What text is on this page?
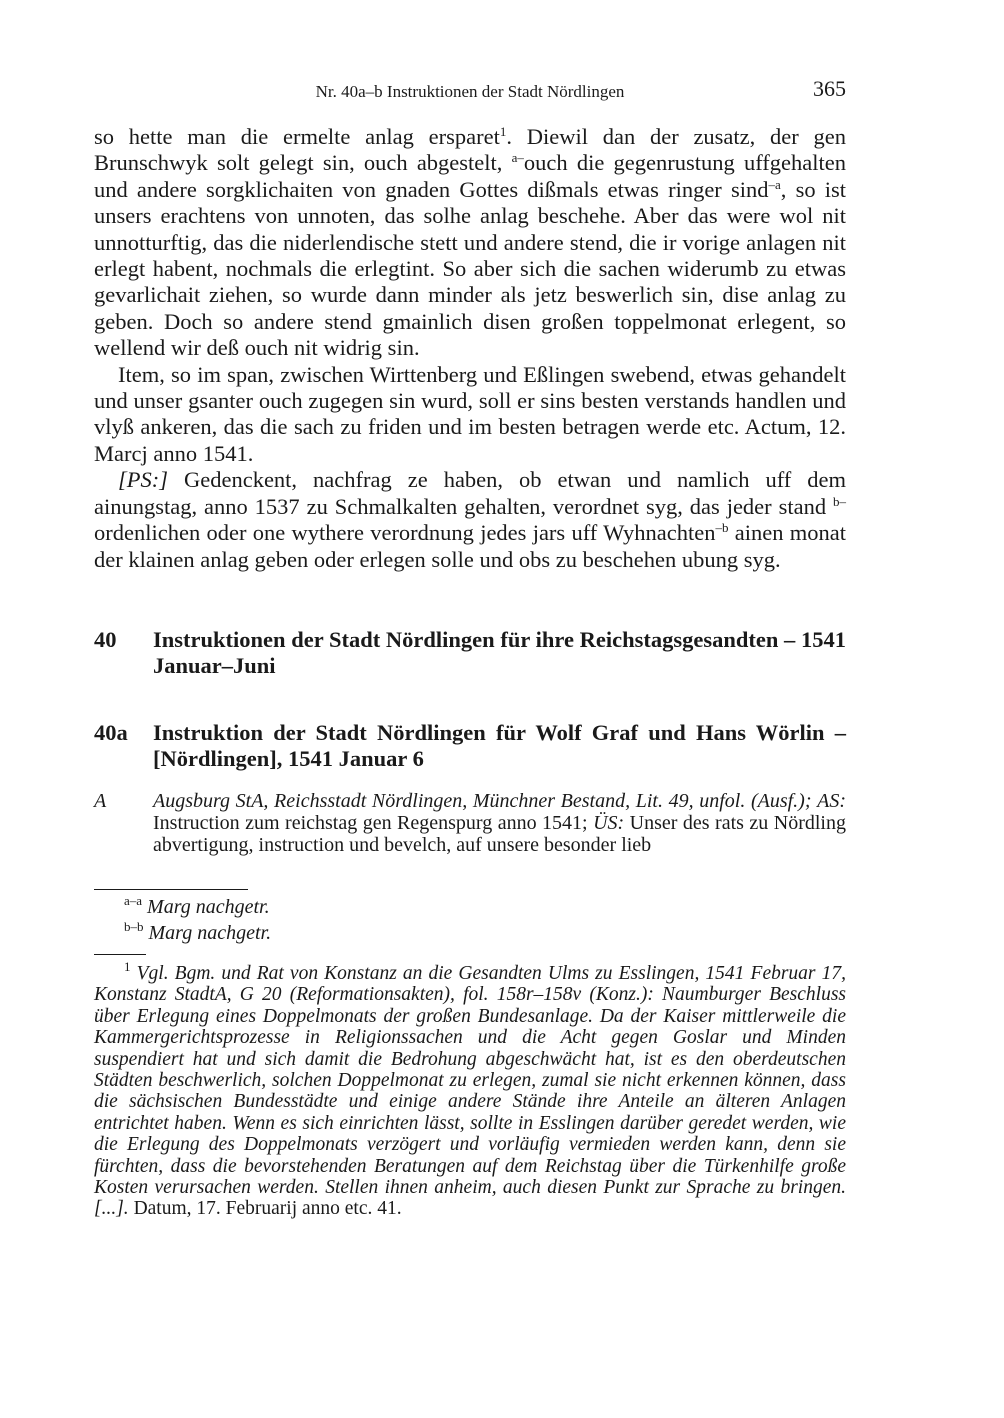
Nr. 40a–b Instruktionen der Stadt Nördlingen	365

so hette man die ermelte anlag ersparet$^1$. Diewil dan der zusatz, der gen Brunschwyk solt gelegt sin, ouch abgestelt, $^{a-}$ouch die gegenrustung uffgehalten und andere sorgklichaiten von gnaden Gottes dißmals etwas ringer sind$^{-a}$, so ist unsers erachtens von unnoten, das solhe anlag beschehe. Aber das were wol nit unnotturftig, das die niderlendische stett und andere stend, die ir vorige anlagen nit erlegt habent, nochmals die erlegtint. So aber sich die sachen widerumb zu etwas gevarlichait ziehen, so wurde dann minder als jetz beswerlich sin, dise anlag zu geben. Doch so andere stend gmainlich disen großen toppelmonat erlegent, so wellend wir deß ouch nit widrig sin.

Item, so im span, zwischen Wirttenberg und Eßlingen swebend, etwas gehandelt und unser gsanter ouch zugegen sin wurd, soll er sins besten verstands handlen und vlyß ankeren, das die sach zu friden und im besten betragen werde etc. Actum, 12. Marcj anno 1541.

[PS:] Gedenckent, nachfrag ze haben, ob etwan und namlich uff dem ainungstag, anno 1537 zu Schmalkalten gehalten, verordnet syg, das jeder stand $^{b-}$ordenlichen oder one wythere verordnung jedes jars uff Wyhnachten$^{-b}$ ainen monat der klainen anlag geben oder erlegen solle und obs zu beschehen ubung syg.

40	Instruktionen der Stadt Nördlingen für ihre Reichstagsgesandten – 1541 Januar–Juni
40a	Instruktion der Stadt Nördlingen für Wolf Graf und Hans Wörlin – [Nördlingen], 1541 Januar 6
A	Augsburg StA, Reichsstadt Nördlingen, Münchner Bestand, Lit. 49, unfol. (Ausf.); AS: Instruction zum reichstag gen Regenspurg anno 1541; ÜS: Unser des rats zu Nördling abvertigung, instruction und bevelch, auf unsere besonder lieb
$^{a-a}$ Marg nachgetr.
$^{b-b}$ Marg nachgetr.
$^1$ Vgl. Bgm. und Rat von Konstanz an die Gesandten Ulms zu Esslingen, 1541 Februar 17, Konstanz StadtA, G 20 (Reformationsakten), fol. 158r–158v (Konz.): Naumburger Beschluss über Erlegung eines Doppelmonats der großen Bundesanlage. Da der Kaiser mittlerweile die Kammergerichtsprozesse in Religionssachen und die Acht gegen Goslar und Minden suspendiert hat und sich damit die Bedrohung abgeschwächt hat, ist es den oberdeutschen Städten beschwerlich, solchen Doppelmonat zu erlegen, zumal sie nicht erkennen können, dass die sächsischen Bundesstädte und einige andere Stände ihre Anteile an älteren Anlagen entrichtet haben. Wenn es sich einrichten lässt, sollte in Esslingen darüber geredet werden, wie die Erlegung des Doppelmonats verzögert und vorläufig vermieden werden kann, denn sie fürchten, dass die bevorstehenden Beratungen auf dem Reichstag über die Türkenhilfe große Kosten verursachen werden. Stellen ihnen anheim, auch diesen Punkt zur Sprache zu bringen. [...]. Datum, 17. Februarij anno etc. 41.
